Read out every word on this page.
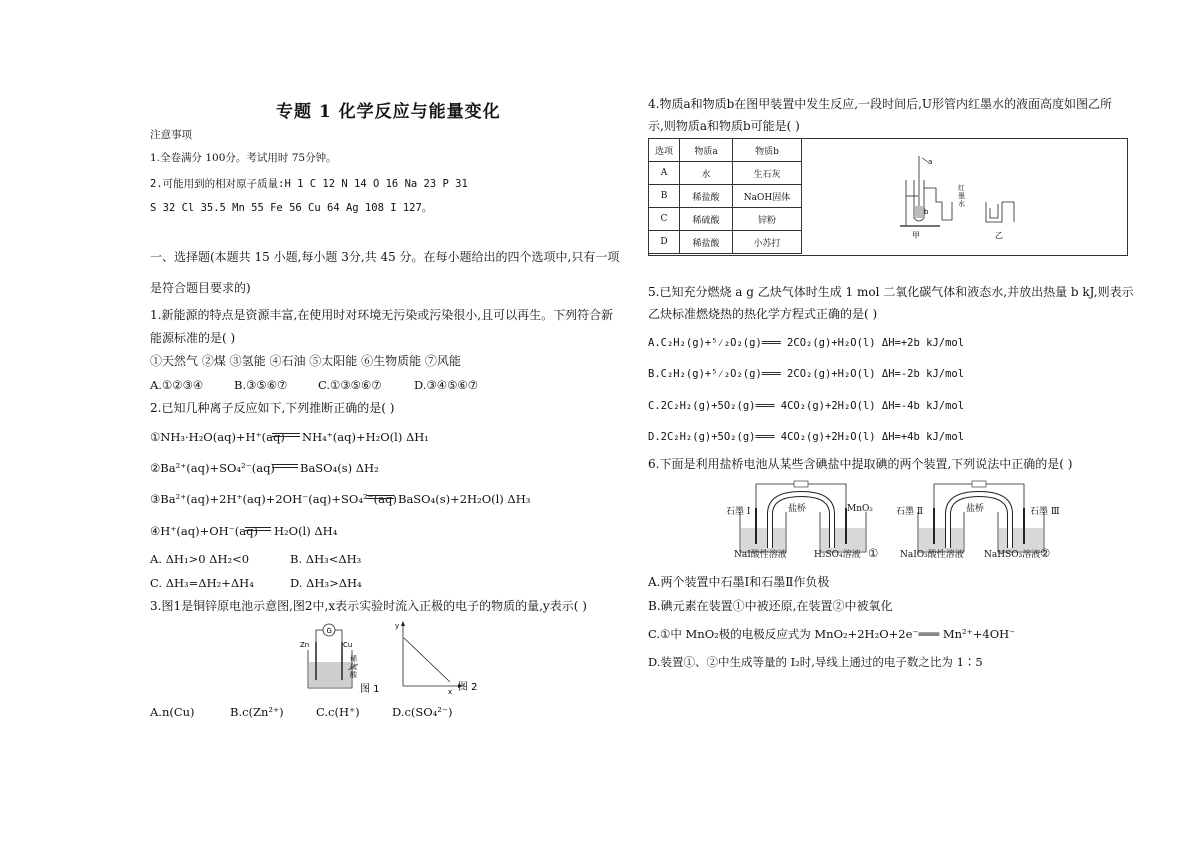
专题 1 化学反应与能量变化
注意事项
1.全卷满分 100分。考试用时 75分钟。
2.可能用到的相对原子质量:H 1 C 12 N 14 O 16 Na 23 P 31
S 32 Cl 35.5 Mn 55 Fe 56 Cu 64 Ag 108 I 127。
一、选择题(本题共 15 小题,每小题 3分,共 45 分。在每小题给出的四个选项中,只有一项
是符合题目要求的)
1.新能源的特点是资源丰富,在使用时对环境无污染或污染很小,且可以再生。下列符合新
能源标准的是( )
①天然气 ②煤 ③氢能 ④石油 ⑤太阳能 ⑥生物质能 ⑦风能
A.①②③④	B.③⑤⑥⑦	C.①③⑤⑥⑦	D.③④⑤⑥⑦
2.已知几种离子反应如下,下列推断正确的是( )
①NH₃·H₂O(aq)+H⁺(aq) NH₄⁺(aq)+H₂O(l) ΔH₁
②Ba²⁺(aq)+SO₄²⁻(aq) BaSO₄(s) ΔH₂
③Ba²⁺(aq)+2H⁺(aq)+2OH⁻(aq)+SO₄²⁻(aq) BaSO₄(s)+2H₂O(l) ΔH₃
④H⁺(aq)+OH⁻(aq) H₂O(l) ΔH₄
A. ΔH₁>0 ΔH₂<0	B. ΔH₃<ΔH₃
C. ΔH₃=ΔH₂+ΔH₄	D. ΔH₃>ΔH₄
3.图1是铜锌原电池示意图,图2中,x表示实验时流入正极的电子的物质的量,y表示( )
G
Zn	Cu
图 1
y
x 图 2
稀硫酸
A.n(Cu)	B.c(Zn²⁺)	C.c(H⁺)	D.c(SO₄²⁻)
4.物质a和物质b在图甲装置中发生反应,一段时间后,U形管内红墨水的液面高度如图乙所
示,则物质a和物质b可能是( )
选项	物质a	物质b
A	水	生石灰
B	稀盐酸	NaOH固体
C	稀硫酸	锌粉
D	稀盐酸	小苏打
a
b
甲	乙
红墨水
5.已知充分燃烧 a g 乙炔气体时生成 1 mol 二氧化碳气体和液态水,并放出热量 b kJ,则表示
乙炔标准燃烧热的热化学方程式正确的是( )
A.C₂H₂(g)+⁵⁄₂O₂(g)═══ 2CO₂(g)+H₂O(l) ΔH=+2b kJ/mol
B.C₂H₂(g)+⁵⁄₂O₂(g)═══ 2CO₂(g)+H₂O(l) ΔH=-2b kJ/mol
C.2C₂H₂(g)+5O₂(g)═══ 4CO₂(g)+2H₂O(l) ΔH=-4b kJ/mol
D.2C₂H₂(g)+5O₂(g)═══ 4CO₂(g)+2H₂O(l) ΔH=+4b kJ/mol
6.下面是利用盐桥电池从某些含碘盐中提取碘的两个装置,下列说法中正确的是( )
石墨 Ⅰ	MnO₂
盐桥
NaI酸性溶液	H₂SO₄溶液 ①
石墨 Ⅱ	石墨 Ⅲ
盐桥
NaIO₃酸性溶液 NaHSO₃溶液 ②
A.两个装置中石墨Ⅰ和石墨Ⅱ作负极
B.碘元素在装置①中被还原,在装置②中被氧化
C.①中 MnO₂极的电极反应式为 MnO₂+2H₂O+2e⁻═══ Mn²⁺+4OH⁻
D.装置①、②中生成等量的 I₂时,导线上通过的电子数之比为 1∶5
